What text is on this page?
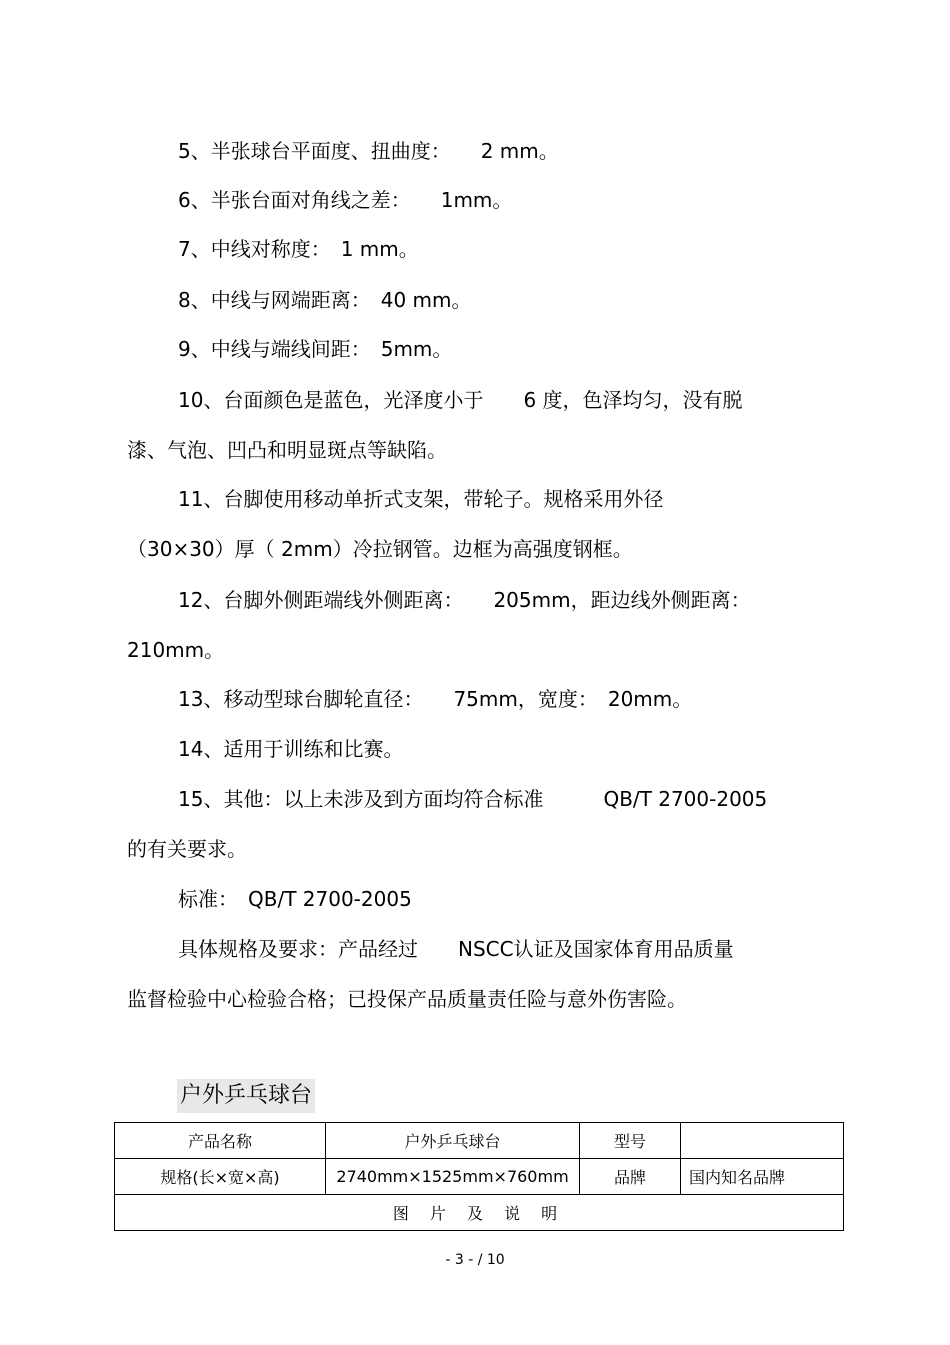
5、半张球台平面度、扭曲度：　　2 mm。
6、半张台面对角线之差：　　1mm。
7、中线对称度：　1 mm。
8、中线与网端距离：　40 mm。
9、中线与端线间距：　5mm。
10、台面颜色是蓝色，光泽度小于　　6 度，色泽均匀，没有脱
漆、气泡、凹凸和明显斑点等缺陷。
11、台脚使用移动单折式支架，带轮子。规格采用外径
（30×30）厚（ 2mm）冷拉钢管。边框为高强度钢框。
12、台脚外侧距端线外侧距离：　　205mm，距边线外侧距离：
210mm。
13、移动型球台脚轮直径：　　75mm，宽度：　20mm。
14、适用于训练和比赛。
15、其他：以上未涉及到方面均符合标准　　　QB/T 2700-2005
的有关要求。
标准：　QB/T 2700-2005
具体规格及要求：产品经过　　NSCC认证及国家体育用品质量
监督检验中心检验合格；已投保产品质量责任险与意外伤害险。
户外乒乓球台
产品名称	户外乒乓球台	型号	
规格(长×宽×高)	2740mm×1525mm×760mm	品牌	国内知名品牌
图 片 及 说 明			
- 3 - / 10
